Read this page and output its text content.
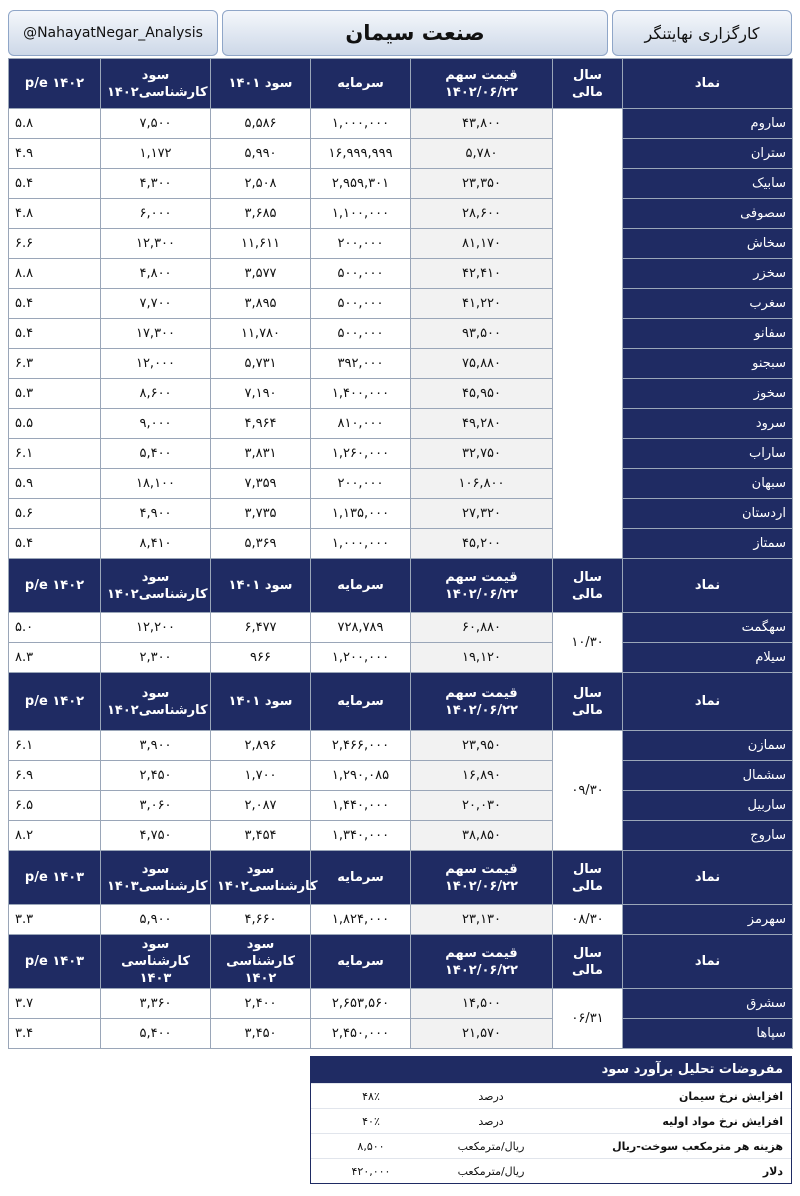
@NahayatNegar_Analysis	صنعت سیمان	کارگزاری نهایتنگر
p/e ۱۴۰۲	سود کارشناسی۱۴۰۲	سود ۱۴۰۱	سرمایه	قیمت سهم ۱۴۰۲/۰۶/۲۲	سال مالی	نماد
۵.۸	۷,۵۰۰	۵,۵۸۶	۱,۰۰۰,۰۰۰	۴۳,۸۰۰		ساروم
۴.۹	۱,۱۷۲	۵,۹۹۰	۱۶,۹۹۹,۹۹۹	۵,۷۸۰		ستران
۵.۴	۴,۳۰۰	۲,۵۰۸	۲,۹۵۹,۳۰۱	۲۳,۳۵۰		سابیک
۴.۸	۶,۰۰۰	۳,۶۸۵	۱,۱۰۰,۰۰۰	۲۸,۶۰۰		سصوفی
۶.۶	۱۲,۳۰۰	۱۱,۶۱۱	۲۰۰,۰۰۰	۸۱,۱۷۰		سخاش
۸.۸	۴,۸۰۰	۳,۵۷۷	۵۰۰,۰۰۰	۴۲,۴۱۰		سخزر
۵.۴	۷,۷۰۰	۳,۸۹۵	۵۰۰,۰۰۰	۴۱,۲۲۰		سغرب
۵.۴	۱۷,۳۰۰	۱۱,۷۸۰	۵۰۰,۰۰۰	۹۳,۵۰۰		سفانو
۶.۳	۱۲,۰۰۰	۵,۷۳۱	۳۹۲,۰۰۰	۷۵,۸۸۰		سبجنو
۵.۳	۸,۶۰۰	۷,۱۹۰	۱,۴۰۰,۰۰۰	۴۵,۹۵۰		سخوز
۵.۵	۹,۰۰۰	۴,۹۶۴	۸۱۰,۰۰۰	۴۹,۲۸۰		سرود
۶.۱	۵,۴۰۰	۳,۸۳۱	۱,۲۶۰,۰۰۰	۳۲,۷۵۰		ساراب
۵.۹	۱۸,۱۰۰	۷,۳۵۹	۲۰۰,۰۰۰	۱۰۶,۸۰۰		سبهان
۵.۶	۴,۹۰۰	۳,۷۳۵	۱,۱۳۵,۰۰۰	۲۷,۳۲۰		اردستان
۵.۴	۸,۴۱۰	۵,۳۶۹	۱,۰۰۰,۰۰۰	۴۵,۲۰۰		سمتاز
p/e ۱۴۰۲	سود کارشناسی۱۴۰۲	سود ۱۴۰۱	سرمایه	قیمت سهم ۱۴۰۲/۰۶/۲۲	سال مالی	نماد
۵.۰	۱۲,۲۰۰	۶,۴۷۷	۷۲۸,۷۸۹	۶۰,۸۸۰	۱۰/۳۰	سهگمت
۸.۳	۲,۳۰۰	۹۶۶	۱,۲۰۰,۰۰۰	۱۹,۱۲۰		سیلام
p/e ۱۴۰۲	سود کارشناسی۱۴۰۲	سود ۱۴۰۱	سرمایه	قیمت سهم ۱۴۰۲/۰۶/۲۲	سال مالی	نماد
۶.۱	۳,۹۰۰	۲,۸۹۶	۲,۴۶۶,۰۰۰	۲۳,۹۵۰	۰۹/۳۰	سمازن
۶.۹	۲,۴۵۰	۱,۷۰۰	۱,۲۹۰,۰۸۵	۱۶,۸۹۰		سشمال
۶.۵	۳,۰۶۰	۲,۰۸۷	۱,۴۴۰,۰۰۰	۲۰,۰۳۰		ساربیل
۸.۲	۴,۷۵۰	۳,۴۵۴	۱,۳۴۰,۰۰۰	۳۸,۸۵۰		ساروج
p/e ۱۴۰۳	سود کارشناسی۱۴۰۳	سود کارشناسی۱۴۰۲	سرمایه	قیمت سهم ۱۴۰۲/۰۶/۲۲	سال مالی	نماد
۳.۳	۵,۹۰۰	۴,۶۶۰	۱,۸۲۴,۰۰۰	۲۳,۱۳۰	۰۸/۳۰	سهرمز
p/e ۱۴۰۳	سود کارشناسی ۱۴۰۳	سود کارشناسی ۱۴۰۲	سرمایه	قیمت سهم ۱۴۰۲/۰۶/۲۲	سال مالی	نماد
۳.۷	۳,۳۶۰	۲,۴۰۰	۲,۶۵۳,۵۶۰	۱۴,۵۰۰	۰۶/۳۱	سشرق
۳.۴	۵,۴۰۰	۳,۴۵۰	۲,۴۵۰,۰۰۰	۲۱,۵۷۰		سپاها
مفروضات تحلیل برآورد سود
۴۸٪	درصد	افزایش نرخ سیمان
۴۰٪	درصد	افزایش نرخ مواد اولیه
۸,۵۰۰	ریال/مترمکعب	هزینه هر مترمکعب سوخت-ریال
۴۲۰,۰۰۰	ریال/مترمکعب	دلار
